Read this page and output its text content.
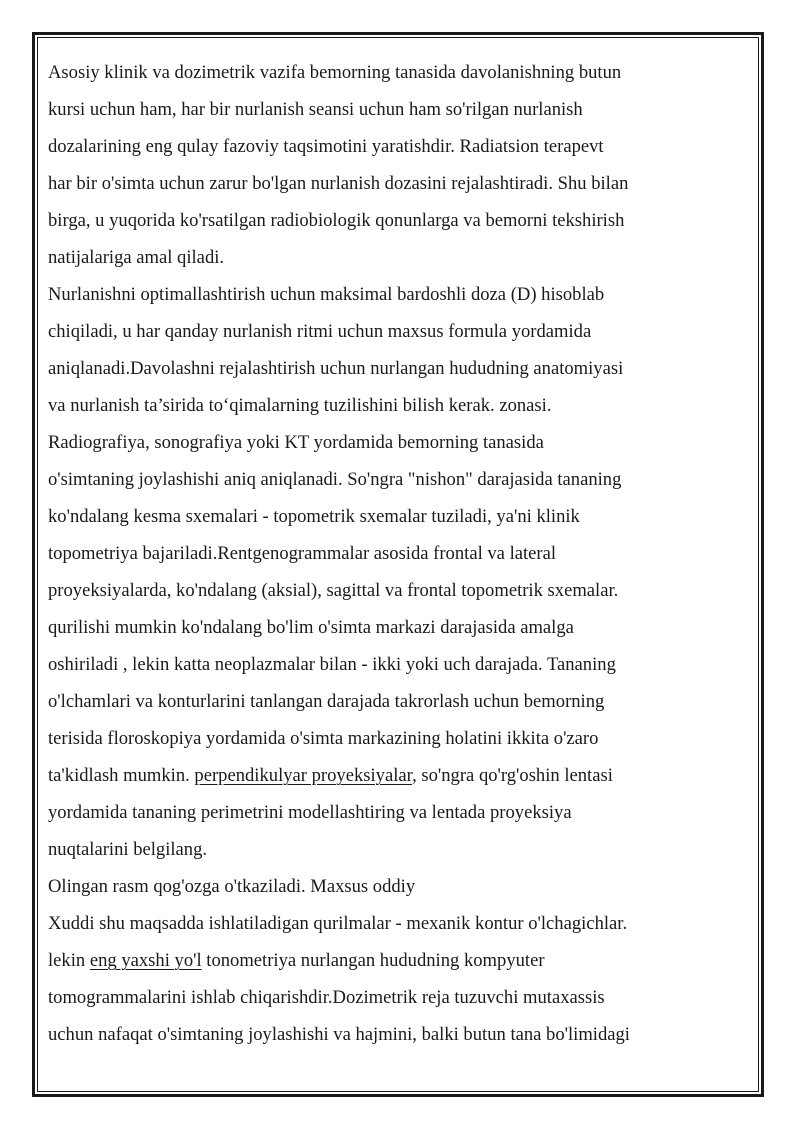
Asosiy klinik va dozimetrik vazifa bemorning tanasida davolanishning butun
kursi uchun ham, har bir nurlanish seansi uchun ham so'rilgan nurlanish
dozalarining eng qulay fazoviy taqsimotini yaratishdir. Radiatsion terapevt
har bir o'simta uchun zarur bo'lgan nurlanish dozasini rejalashtiradi. Shu bilan
birga, u yuqorida ko'rsatilgan radiobiologik qonunlarga va bemorni tekshirish
natijalariga amal qiladi.
Nurlanishni optimallashtirish uchun maksimal bardoshli doza (D) hisoblab
chiqiladi, u har qanday nurlanish ritmi uchun maxsus formula yordamida
aniqlanadi.Davolashni rejalashtirish uchun nurlangan hududning anatomiyasi
va nurlanish ta’sirida to‘qimalarning tuzilishini bilish kerak. zonasi.
Radiografiya, sonografiya yoki KT yordamida bemorning tanasida
o'simtaning joylashishi aniq aniqlanadi. So'ngra "nishon" darajasida tananing
ko'ndalang kesma sxemalari - topometrik sxemalar tuziladi, ya'ni klinik
topometriya bajariladi.Rentgenogrammalar asosida frontal va lateral
proyeksiyalarda, ko'ndalang (aksial), sagittal va frontal topometrik sxemalar.
qurilishi mumkin ko'ndalang bo'lim o'simta markazi darajasida amalga
oshiriladi , lekin katta neoplazmalar bilan - ikki yoki uch darajada. Tananing
o'lchamlari va konturlarini tanlangan darajada takrorlash uchun bemorning
terisida floroskopiya yordamida o'simta markazining holatini ikkita o'zaro
ta'kidlash mumkin. perpendikulyar proyeksiyalar, so'ngra qo'rg'oshin lentasi
yordamida tananing perimetrini modellashtiring va lentada proyeksiya
nuqtalarini belgilang.
Olingan rasm qog'ozga o'tkaziladi. Maxsus oddiy
Xuddi shu maqsadda ishlatiladigan qurilmalar - mexanik kontur o'lchagichlar.
lekin eng yaxshi yo'l tonometriya nurlangan hududning kompyuter
tomogrammalarini ishlab chiqarishdir.Dozimetrik reja tuzuvchi mutaxassis
uchun nafaqat o'simtaning joylashishi va hajmini, balki butun tana bo'limidagi
